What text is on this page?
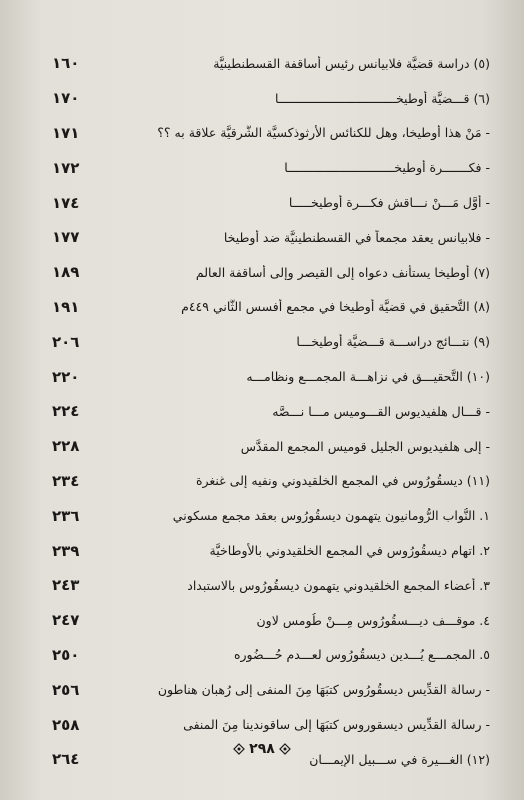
(٥) دراسة قضيَّة فلابيانس رئيس أساقفة القسطنطينيَّة
١٦٠
(٦) قـــضيَّة أُوطيخــــــــــــــــــــــــــــــــا
١٧٠
- مَنْ هذا أُوطيخا، وهل للكنائس الأرثوذكسيَّة الشَّرقيَّة علاقة به ؟؟
١٧١
- فكـــــــرة أُوطيخـــــــــــــــــــــــــــــا
١٧٢
- أوَّل مَـــنْ نـــاقش فكـــرة أُوطيخـــــا
١٧٤
- فلابيانس يعقد مجمعاً في القسطنطينيَّة ضد أُوطيخا
١٧٧
(٧) أُوطيخا يستأنف دعواه إلى القيصر وإلى أساقفة العالم
١٨٩
(٨) التَّحقيق في قضيَّة أُوطيخا في مجمع أفسس الثَّاني ٤٤٩م
١٩١
(٩) نتـــائج دراســـة قـــضيَّة أُوطيخـــا
٢٠٦
(١٠) التَّحقيـــق في نزاهـــة المجمـــع ونظامـــه
٢٢٠
- قـــال هلفيديوس القـــوميس مـــا نـــصَّه
٢٢٤
- إلى هلفيديوس الجليل قوميس المجمع المقدَّس
٢٢٨
(١١) ديسقُورُوس في المجمع الخلقيدوني ونفيه إلى غنغرة
٢٣٤
١. النُّواب الرُّومانيون يتهمون ديسقُورُوس بعقد مجمع مسكوني
٢٣٦
٢. اتهام ديسقُورُوس في المجمع الخلقيدوني بالأوطاخيَّة
٢٣٩
٣. أعضاء المجمع الخلقيدوني يتهمون ديسقُورُوس بالاستبداد
٢٤٣
٤. موقـــف ديـــسقُورُوس مِـــنْ طُومس لاون
٢٤٧
٥. المجمـــع يُـــدين ديسقُورُوس لعـــدم حُـــضُوره
٢٥٠
- رسالة القدِّيس ديسقُورُوس كتبَهَا مِنَ المنفى إلى رُهبان هناطون
٢٥٦
- رسالة القدِّيس ديسقوروس كتبَهَا إلى ساقوندينا مِنَ المنفى
٢٥٨
(١٢) الغـــيرة في ســـبيل الإيمـــان
٢٦٤
٢٩٨
